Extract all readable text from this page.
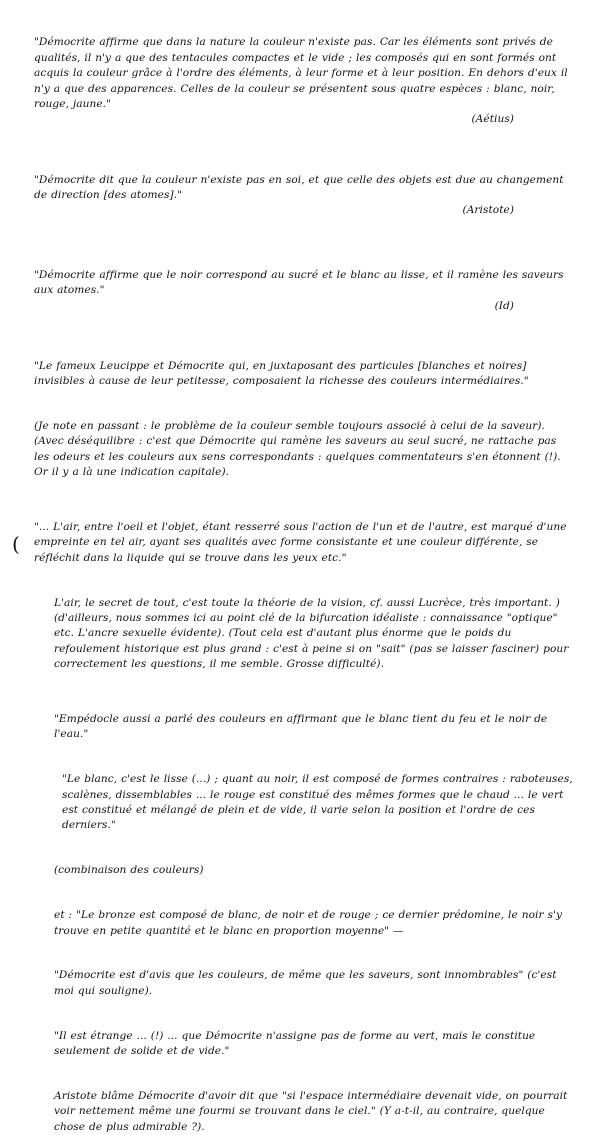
"Démocrite affirme que dans la nature la couleur n'existe pas. Car les éléments sont privés de qualités, il n'y a que des tentacules compactes et le vide ; les composés qui en sont formés ont acquis la couleur grâce à l'ordre des éléments, à leur forme et à leur position. En dehors d'eux il n'y a que des apparences. Celles de la couleur se présentent sous quatre espèces : blanc, noir, rouge, jaune."

(Aétius)

"Démocrite dit que la couleur n'existe pas en soi, et que celle des objets est due au changement de direction [des atomes]."

(Aristote)

"Démocrite affirme que le noir correspond au sucré et le blanc au lisse, et il ramène les saveurs aux atomes."

(Id)

"Le fameux Leucippe et Démocrite qui, en juxtaposant des particules [blanches et noires] invisibles à cause de leur petitesse, composaient la richesse des couleurs intermédiaires."

(Je note en passant : le problème de la couleur semble toujours associé à celui de la saveur). (Avec déséquilibre : c'est que Démocrite qui ramène les saveurs au seul sucré, ne rattache pas les odeurs et les couleurs aux sens correspondants : quelques commentateurs s'en étonnent (!). Or il y a là une indication capitale).

"... L'air, entre l'oeil et l'objet, étant resserré sous l'action de l'un et de l'autre, est marqué d'une empreinte en tel air, ayant ses qualités avec forme consistante et une couleur différente, se réfléchit dans la liquide qui se trouve dans les yeux etc."

L'air, le secret de tout, c'est toute la théorie de la vision, cf. aussi Lucrèce, très important. ) (d'ailleurs, nous sommes ici au point clé de la bifurcation idéaliste : connaissance "optique" etc. L'ancre sexuelle évidente). (Tout cela est d'autant plus énorme que le poids du refoulement historique est plus grand : c'est à peine si on "sait" (pas se laisser fasciner) pour correctement les questions, il me semble. Grosse difficulté).

"Empédocle aussi a parlé des couleurs en affirmant que le blanc tient du feu et le noir de l'eau."

"Le blanc, c'est le lisse (...) ; quant au noir, il est composé de formes contraires : raboteuses, scalènes, dissemblables ... le rouge est constitué des mêmes formes que le chaud ... le vert est constitué et mélangé de plein et de vide, il varie selon la position et l'ordre de ces derniers."

(combinaison des couleurs)

et : "Le bronze est composé de blanc, de noir et de rouge ; ce dernier prédomine, le noir s'y trouve en petite quantité et le blanc en proportion moyenne" —

"Démocrite est d'avis que les couleurs, de même que les saveurs, sont innombrables" (c'est moi qui souligne).

"Il est étrange ... (!) ... que Démocrite n'assigne pas de forme au vert, mais le constitue seulement de solide et de vide."

Aristote blâme Démocrite d'avoir dit que "si l'espace intermédiaire devenait vide, on pourrait voir nettement même une fourmi se trouvant dans le ciel." (Y a-t-il, au contraire, quelque chose de plus admirable ?).

(
